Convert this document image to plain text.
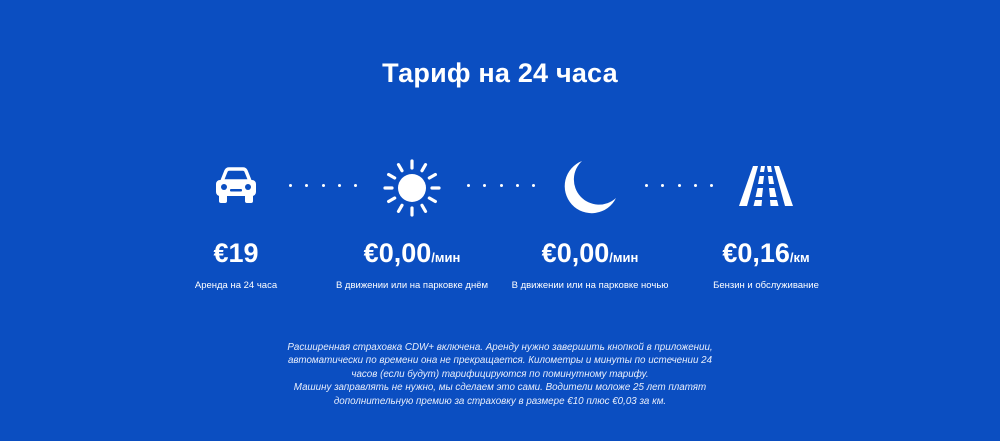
Тариф на 24 часа
€19	€0,00/мин	€0,00/мин	€0,16/км
Аренда на 24 часа	В движении или на парковке днём	В движении или на парковке ночью	Бензин и обслуживание

Расширенная страховка CDW+ включена. Аренду нужно завершить кнопкой в приложении, автоматически по времени она не прекращается. Километры и минуты по истечении 24 часов (если будут) тарифицируются по поминутному тарифу.

Машину заправлять не нужно, мы сделаем это сами. Водители моложе 25 лет платят дополнительную премию за страховку в размере €10 плюс €0,03 за км.
